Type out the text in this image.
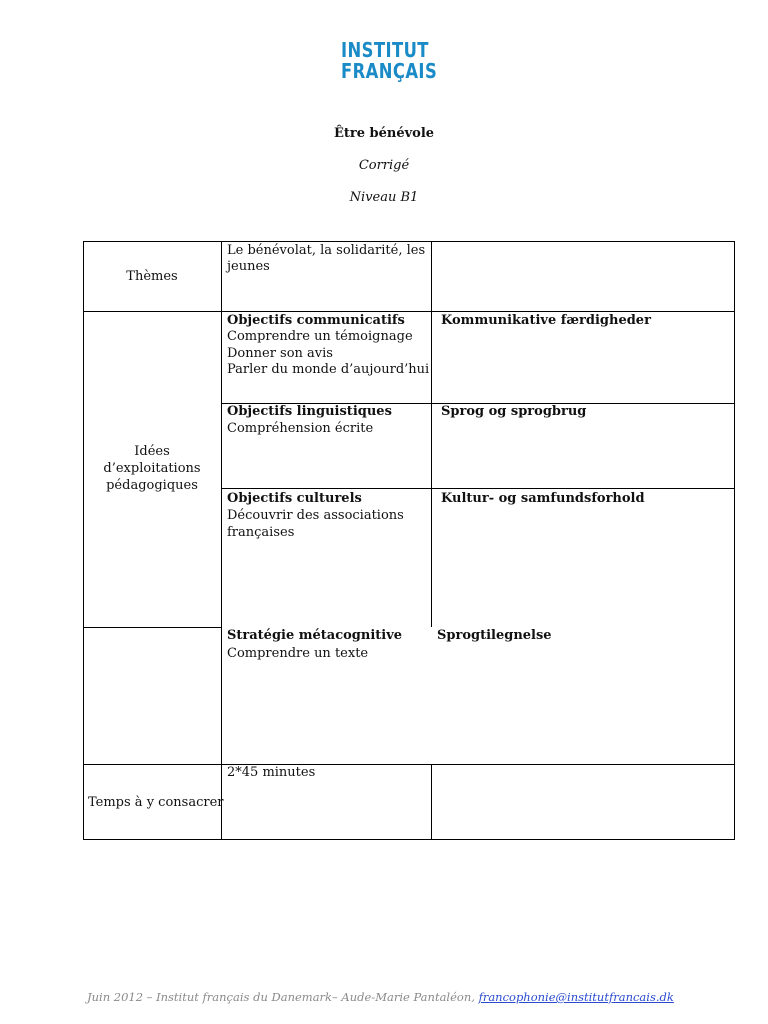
INSTITUT
FRANÇAIS
Être bénévole
Corrigé
Niveau B1
Thèmes
Le bénévolat, la solidarité, les
jeunes
Idées
d’exploitations
pédagogiques
Objectifs communicatifs
Comprendre un témoignage
Donner son avis
Parler du monde d’aujourd’hui
Kommunikative færdigheder
Objectifs linguistiques
Compréhension écrite
Sprog og sprogbrug
Objectifs culturels
Découvrir des associations
françaises
Kultur- og samfundsforhold
Stratégie métacognitive
Comprendre un texte
Sprogtilegnelse
Temps à y consacrer
2*45 minutes
Juin 2012 – Institut français du Danemark– Aude-Marie Pantaléon, francophonie@institutfrancais.dk
